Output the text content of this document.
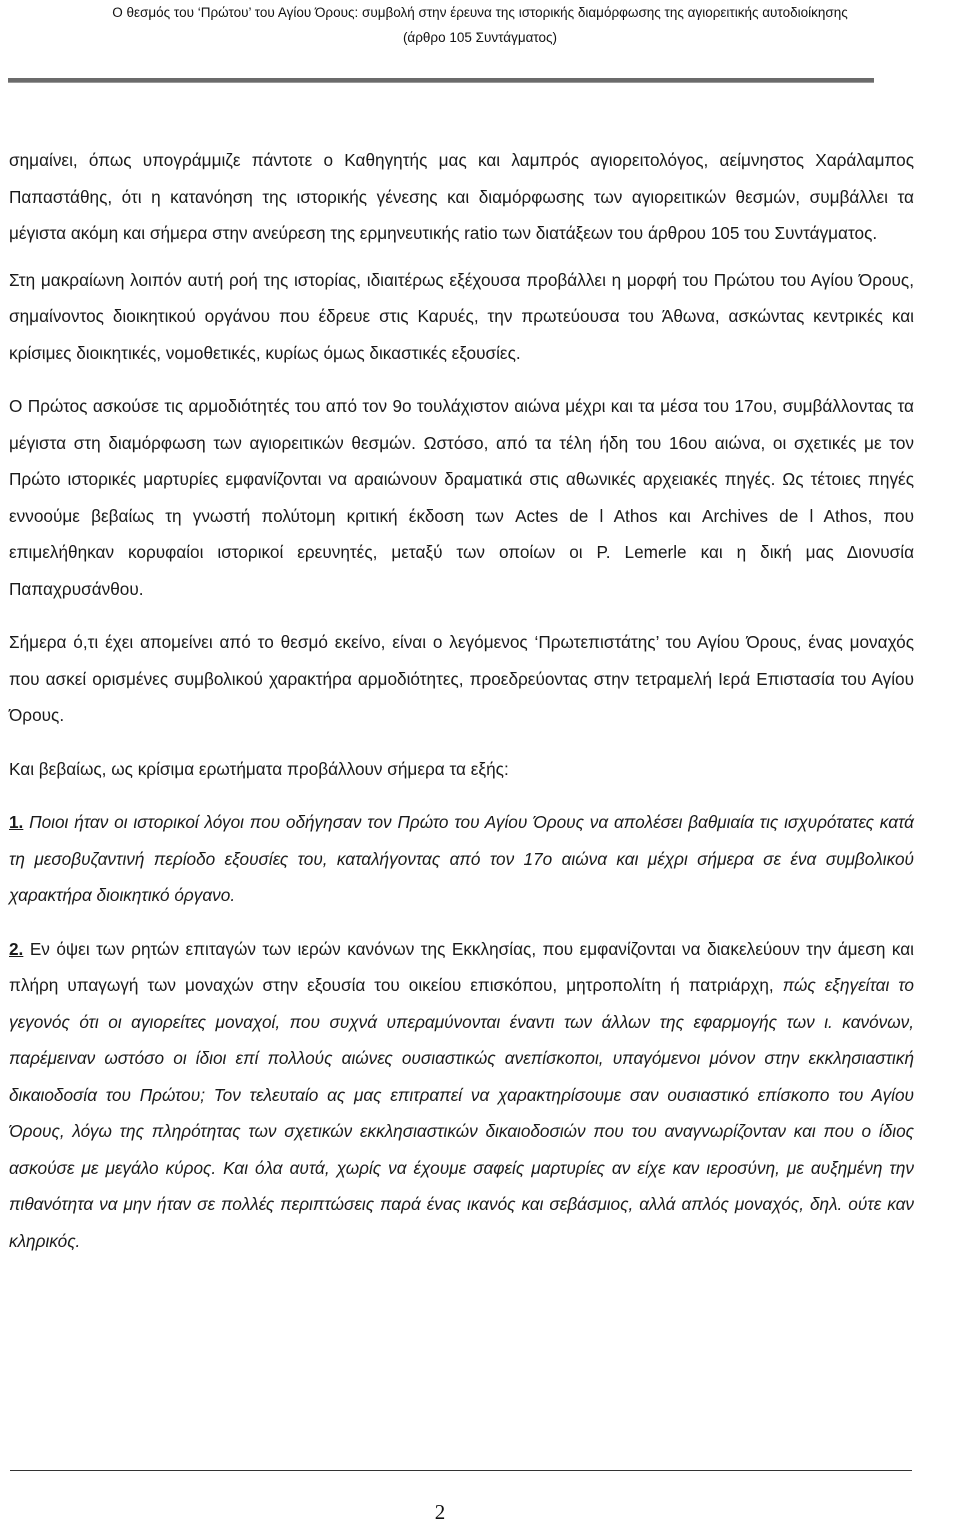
Ο θεσμός του ‘Πρώτου’ του Αγίου Όρους: συμβολή στην έρευνα της ιστορικής διαμόρφωσης της αγιορειτικής αυτοδιοίκησης
(άρθρο 105 Συντάγματος)

σημαίνει, όπως υπογράμμιζε πάντοτε ο Καθηγητής μας και λαμπρός αγιορειτολόγος, αείμνηστος Χαράλαμπος Παπαστάθης, ότι η κατανόηση της ιστορικής γένεσης και διαμόρφωσης των αγιορειτικών θεσμών, συμβάλλει τα μέγιστα ακόμη και σήμερα στην ανεύρεση της ερμηνευτικής ratio των διατάξεων του άρθρου 105 του Συντάγματος.

Στη μακραίωνη λοιπόν αυτή ροή της ιστορίας, ιδιαιτέρως εξέχουσα προβάλλει η μορφή του Πρώτου του Αγίου Όρους, σημαίνοντος διοικητικού οργάνου που έδρευε στις Καρυές, την πρωτεύουσα του Άθωνα, ασκώντας κεντρικές και κρίσιμες διοικητικές, νομοθετικές, κυρίως όμως δικαστικές εξουσίες.

Ο Πρώτος ασκούσε τις αρμοδιότητές του από τον 9ο τουλάχιστον αιώνα μέχρι και τα μέσα του 17ου, συμβάλλοντας τα μέγιστα στη διαμόρφωση των αγιορειτικών θεσμών. Ωστόσο, από τα τέλη ήδη του 16ου αιώνα, οι σχετικές με τον Πρώτο ιστορικές μαρτυρίες εμφανίζονται να αραιώνουν δραματικά στις αθωνικές αρχειακές πηγές. Ως τέτοιες πηγές εννοούμε βεβαίως τη γνωστή πολύτομη κριτική έκδοση των Actes de l Athos και Archives de l Athos, που επιμελήθηκαν κορυφαίοι ιστορικοί ερευνητές, μεταξύ των οποίων οι P. Lemerle και η δική μας Διονυσία Παπαχρυσάνθου.

Σήμερα ό,τι έχει απομείνει από το θεσμό εκείνο, είναι ο λεγόμενος ‘Πρωτεπιστάτης’ του Αγίου Όρους, ένας μοναχός που ασκεί ορισμένες συμβολικού χαρακτήρα αρμοδιότητες, προεδρεύοντας στην τετραμελή Ιερά Επιστασία του Αγίου Όρους.

Και βεβαίως, ως κρίσιμα ερωτήματα προβάλλουν σήμερα τα εξής:

1. Ποιοι ήταν οι ιστορικοί λόγοι που οδήγησαν τον Πρώτο του Αγίου Όρους να απολέσει βαθμιαία τις ισχυρότατες κατά τη μεσοβυζαντινή περίοδο εξουσίες του, καταλήγοντας από τον 17ο αιώνα και μέχρι σήμερα σε ένα συμβολικού χαρακτήρα διοικητικό όργανο.

2. Εν όψει των ρητών επιταγών των ιερών κανόνων της Εκκλησίας, που εμφανίζονται να διακελεύουν την άμεση και πλήρη υπαγωγή των μοναχών στην εξουσία του οικείου επισκόπου, μητροπολίτη ή πατριάρχη, πώς εξηγείται το γεγονός ότι οι αγιορείτες μοναχοί, που συχνά υπεραμύνονται έναντι των άλλων της εφαρμογής των ι. κανόνων, παρέμειναν ωστόσο οι ίδιοι επί πολλούς αιώνες ουσιαστικώς ανεπίσκοποι, υπαγόμενοι μόνον στην εκκλησιαστική δικαιοδοσία του Πρώτου; Τον τελευταίο ας μας επιτραπεί να χαρακτηρίσουμε σαν ουσιαστικό επίσκοπο του Αγίου Όρους, λόγω της πληρότητας των σχετικών εκκλησιαστικών δικαιοδοσιών που του αναγνωρίζονταν και που ο ίδιος ασκούσε με μεγάλο κύρος. Και όλα αυτά, χωρίς να έχουμε σαφείς μαρτυρίες αν είχε καν ιεροσύνη, με αυξημένη την πιθανότητα να μην ήταν σε πολλές περιπτώσεις παρά ένας ικανός και σεβάσμιος, αλλά απλός μοναχός, δηλ. ούτε καν κληρικός.

2
